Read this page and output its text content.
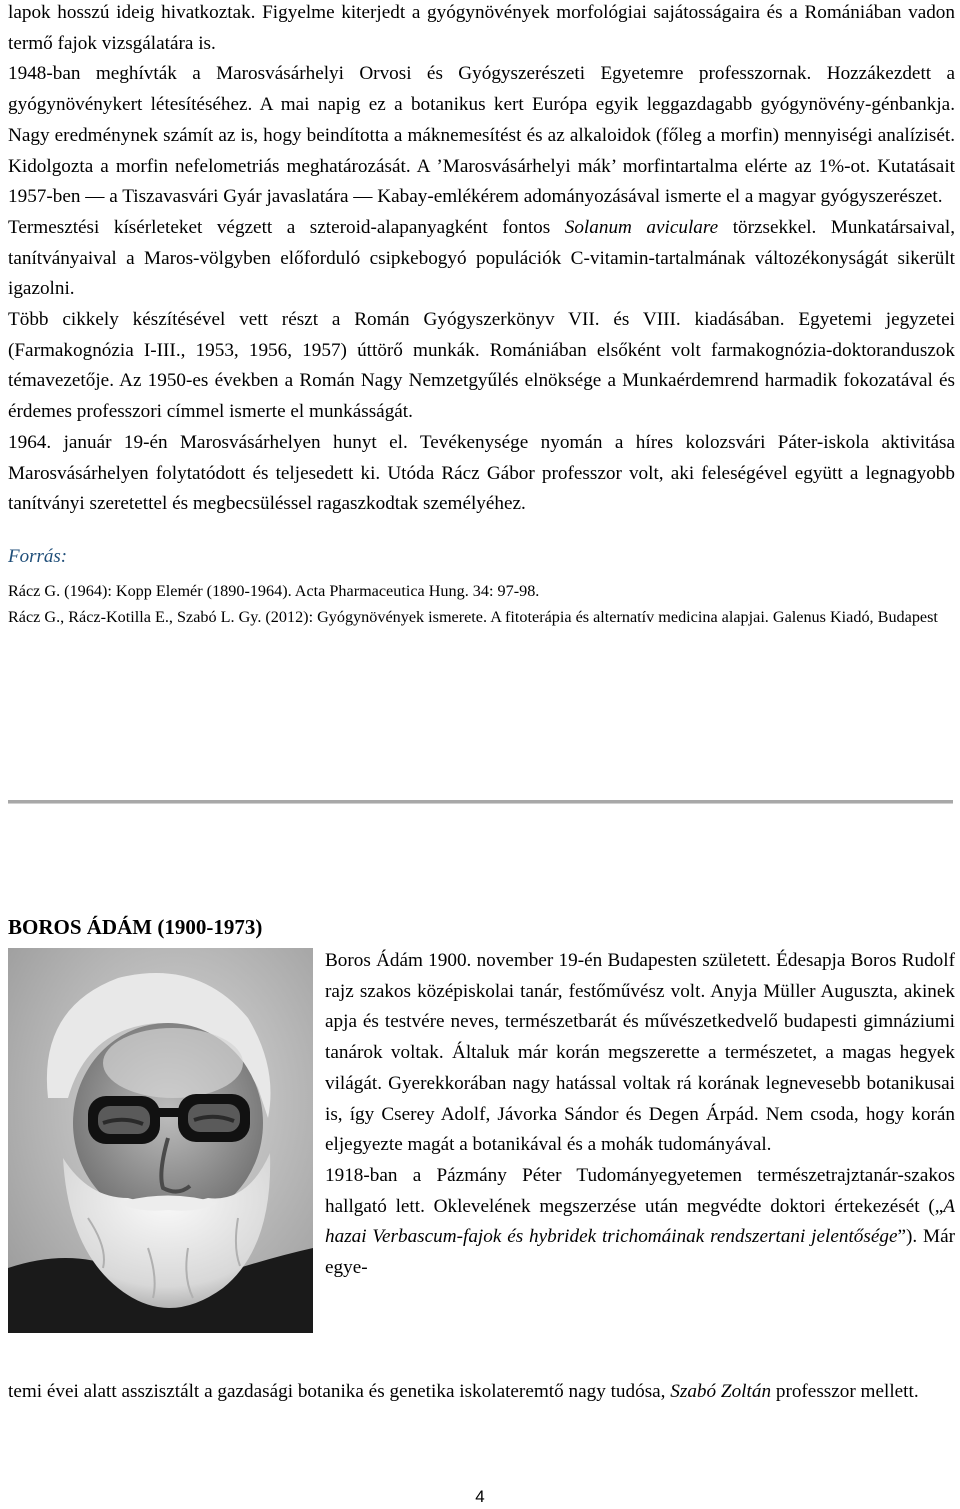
lapok hosszú ideig hivatkoztak. Figyelme kiterjedt a gyógynövények morfológiai sajátosságaira és a Romániában vadon termő fajok vizsgálatára is.

1948-ban meghívták a Marosvásárhelyi Orvosi és Gyógyszerészeti Egyetemre professzornak. Hozzákezdett a gyógynövénykert létesítéséhez. A mai napig ez a botanikus kert Európa egyik leggazdagabb gyógynövény-génbankja. Nagy eredménynek számít az is, hogy beindította a máknemesítést és az alkaloidok (főleg a morfin) mennyiségi analízisét. Kidolgozta a morfin nefelometriás meghatározását. A ’Marosvásárhelyi mák’ morfintartalma elérte az 1%-ot. Kutatásait 1957-ben — a Tiszavasvári Gyár javaslatára — Kabay-emlékérem adományozásával ismerte el a magyar gyógyszerészet.

Termesztési kísérleteket végzett a szteroid-alapanyagként fontos Solanum aviculare törzsekkel. Munkatársaival, tanítványaival a Maros-völgyben előforduló csipkebogyó populációk C-vitamin-tartalmának változékonyságát sikerült igazolni.

Több cikkely készítésével vett részt a Román Gyógyszerkönyv VII. és VIII. kiadásában. Egyetemi jegyzetei (Farmakognózia I-III., 1953, 1956, 1957) úttörő munkák. Romániában elsőként volt farmakognózia-doktoranduszok témavezetője. Az 1950-es években a Román Nagy Nemzetgyűlés elnöksége a Munkaérdemrend harmadik fokozatával és érdemes professzori címmel ismerte el munkásságát.

1964. január 19-én Marosvásárhelyen hunyt el. Tevékenysége nyomán a híres kolozsvári Páter-iskola aktivitása Marosvásárhelyen folytatódott és teljesedett ki. Utóda Rácz Gábor professzor volt, aki feleségével együtt a legnagyobb tanítványi szeretettel és megbecsüléssel ragaszkodtak személyéhez.

Forrás:

Rácz G. (1964): Kopp Elemér (1890-1964). Acta Pharmaceutica Hung. 34: 97-98.

Rácz G., Rácz-Kotilla E., Szabó L. Gy. (2012): Gyógynövények ismerete. A fitoterápia és alternatív medicina alapjai. Galenus Kiadó, Budapest

BOROS ÁDÁM (1900-1973)

Boros Ádám 1900. november 19-én Budapesten született. Édesapja Boros Rudolf rajz szakos középiskolai tanár, festőművész volt. Anyja Müller Auguszta, akinek apja és testvére neves, természetbarát és művészetkedvelő budapesti gimnáziumi tanárok voltak. Általuk már korán megszerette a természetet, a magas hegyek világát. Gyerekkorában nagy hatással voltak rá korának legnevesebb botanikusai is, így Cserey Adolf, Jávorka Sándor és Degen Árpád. Nem csoda, hogy korán eljegyezte magát a botanikával és a mohák tudományával.

1918-ban a Pázmány Péter Tudományegyetemen természetrajztanár-szakos hallgató lett. Oklevelének megszerzése után megvédte doktori értekezését („A hazai Verbascum-fajok és hybridek trichomáinak rendszertani jelentősége”). Már egye-

temi évei alatt asszisztált a gazdasági botanika és genetika iskolateremtő nagy tudósa, Szabó Zoltán professzor mellett.

4
